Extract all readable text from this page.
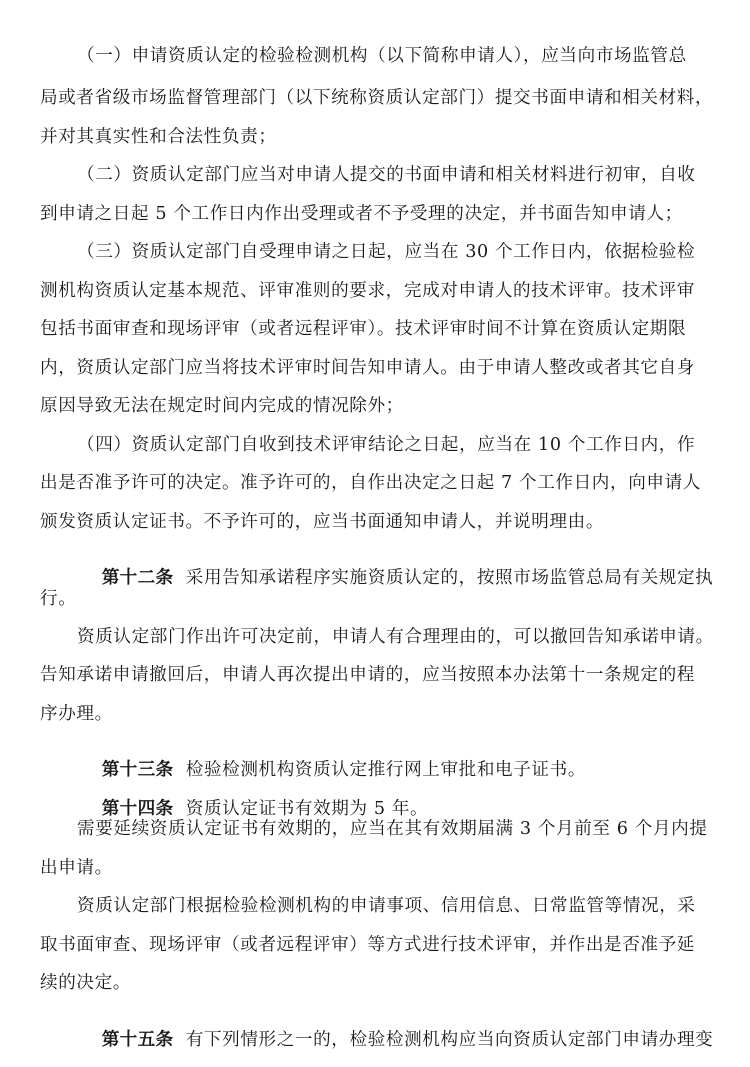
（一）申请资质认定的检验检测机构（以下简称申请人），应当向市场监管总
局或者省级市场监督管理部门（以下统称资质认定部门）提交书面申请和相关材料，
并对其真实性和合法性负责；
（二）资质认定部门应当对申请人提交的书面申请和相关材料进行初审，自收
到申请之日起 5 个工作日内作出受理或者不予受理的决定，并书面告知申请人；
（三）资质认定部门自受理申请之日起，应当在 30 个工作日内，依据检验检
测机构资质认定基本规范、评审准则的要求，完成对申请人的技术评审。技术评审
包括书面审查和现场评审（或者远程评审）。技术评审时间不计算在资质认定期限
内，资质认定部门应当将技术评审时间告知申请人。由于申请人整改或者其它自身
原因导致无法在规定时间内完成的情况除外；
（四）资质认定部门自收到技术评审结论之日起，应当在 10 个工作日内，作
出是否准予许可的决定。准予许可的，自作出决定之日起 7 个工作日内，向申请人
颁发资质认定证书。不予许可的，应当书面通知申请人，并说明理由。

第十二条 采用告知承诺程序实施资质认定的，按照市场监管总局有关规定执

行。
资质认定部门作出许可决定前，申请人有合理理由的，可以撤回告知承诺申请。
告知承诺申请撤回后，申请人再次提出申请的，应当按照本办法第十一条规定的程
序办理。

第十三条 检验检测机构资质认定推行网上审批和电子证书。

第十四条 资质认定证书有效期为 5 年。

需要延续资质认定证书有效期的，应当在其有效期届满 3 个月前至 6 个月内提
出申请。
资质认定部门根据检验检测机构的申请事项、信用信息、日常监管等情况，采
取书面审查、现场评审（或者远程评审）等方式进行技术评审，并作出是否准予延
续的决定。

第十五条 有下列情形之一的，检验检测机构应当向资质认定部门申请办理变
